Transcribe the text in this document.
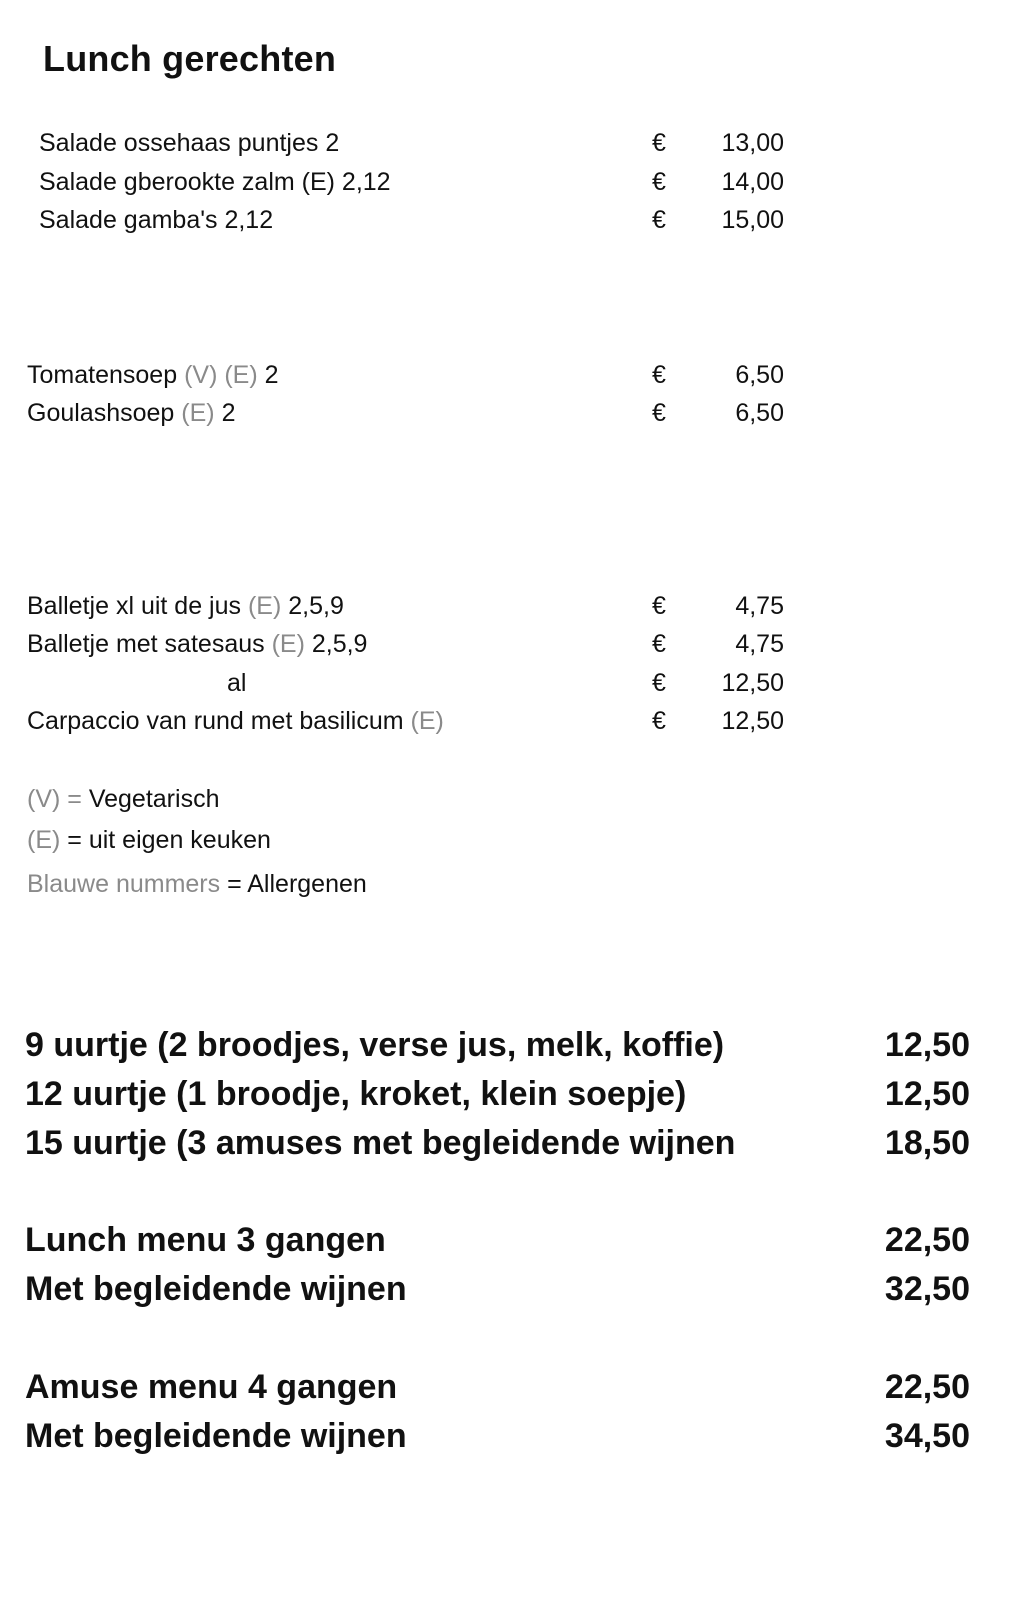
Lunch gerechten
Salade ossehaas puntjes 2	€	13,00
Salade gberookte zalm (E) 2,12	€	14,00
Salade gamba's 2,12	€	15,00
Tomatensoep (V) (E) 2	€	6,50
Goulashsoep (E) 2	€	6,50
Balletje xl uit de jus (E) 2,5,9	€	4,75
Balletje met satesaus (E) 2,5,9	€	4,75
al	€	12,50
Carpaccio van rund met basilicum (E)	€	12,50
(V) = Vegetarisch
(E) = uit eigen keuken
Blauwe nummers = Allergenen
9 uurtje (2 broodjes, verse jus, melk, koffie)	12,50
12 uurtje (1 broodje, kroket, klein soepje)	12,50
15 uurtje (3 amuses met begleidende wijnen	18,50
Lunch menu 3 gangen	22,50
Met begleidende wijnen	32,50
Amuse menu 4 gangen	22,50
Met begleidende wijnen	34,50
